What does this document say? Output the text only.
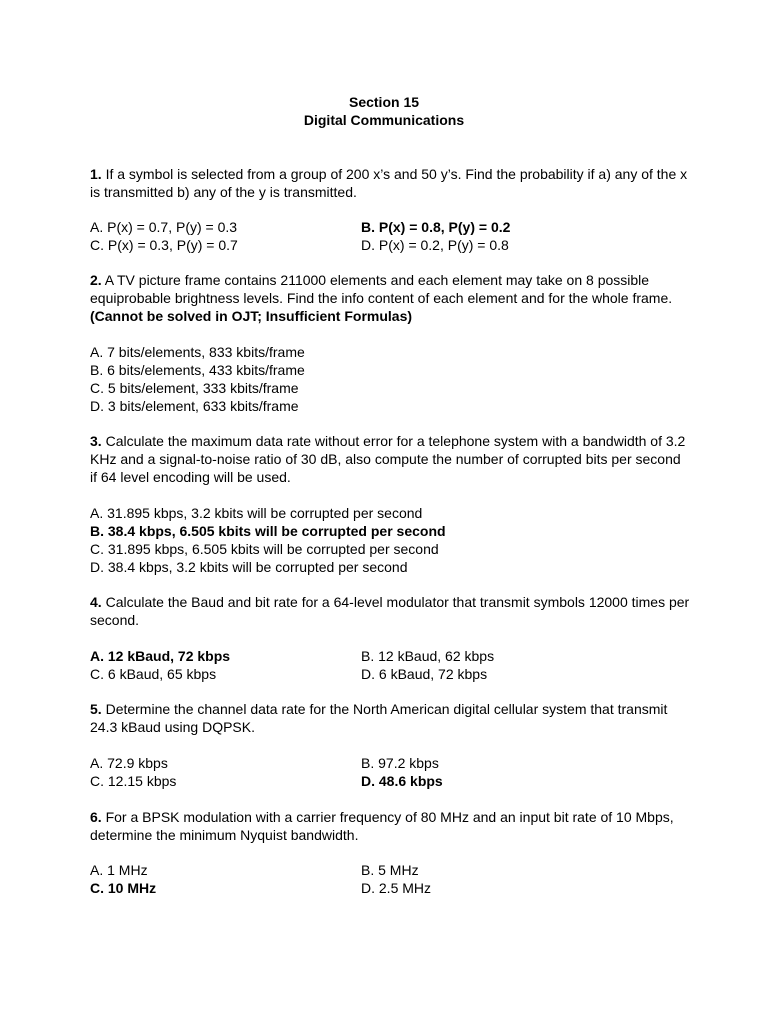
Section 15
Digital Communications
1. If a symbol is selected from a group of 200 x’s and 50 y’s. Find the probability if a) any of the x is transmitted b) any of the y is transmitted.
A. P(x) = 0.7, P(y) = 0.3	B. P(x) = 0.8, P(y) = 0.2
C. P(x) = 0.3, P(y) = 0.7	D. P(x) = 0.2, P(y) = 0.8
2. A TV picture frame contains 211000 elements and each element may take on 8 possible equiprobable brightness levels. Find the info content of each element and for the whole frame. (Cannot be solved in OJT; Insufficient Formulas)
A. 7 bits/elements, 833 kbits/frame
B. 6 bits/elements, 433 kbits/frame
C. 5 bits/element, 333 kbits/frame
D. 3 bits/element, 633 kbits/frame
3. Calculate the maximum data rate without error for a telephone system with a bandwidth of 3.2 KHz and a signal-to-noise ratio of 30 dB, also compute the number of corrupted bits per second if 64 level encoding will be used.
A. 31.895 kbps, 3.2 kbits will be corrupted per second
B. 38.4 kbps, 6.505 kbits will be corrupted per second
C. 31.895 kbps, 6.505 kbits will be corrupted per second
D. 38.4 kbps, 3.2 kbits will be corrupted per second
4. Calculate the Baud and bit rate for a 64-level modulator that transmit symbols 12000 times per second.
A. 12 kBaud, 72 kbps	B. 12 kBaud, 62 kbps
C. 6 kBaud, 65 kbps	D. 6 kBaud, 72 kbps
5. Determine the channel data rate for the North American digital cellular system that transmit 24.3 kBaud using DQPSK.
A. 72.9 kbps	B. 97.2 kbps
C. 12.15 kbps	D. 48.6 kbps
6. For a BPSK modulation with a carrier frequency of 80 MHz and an input bit rate of 10 Mbps, determine the minimum Nyquist bandwidth.
A. 1 MHz	B. 5 MHz
C. 10 MHz	D. 2.5 MHz
